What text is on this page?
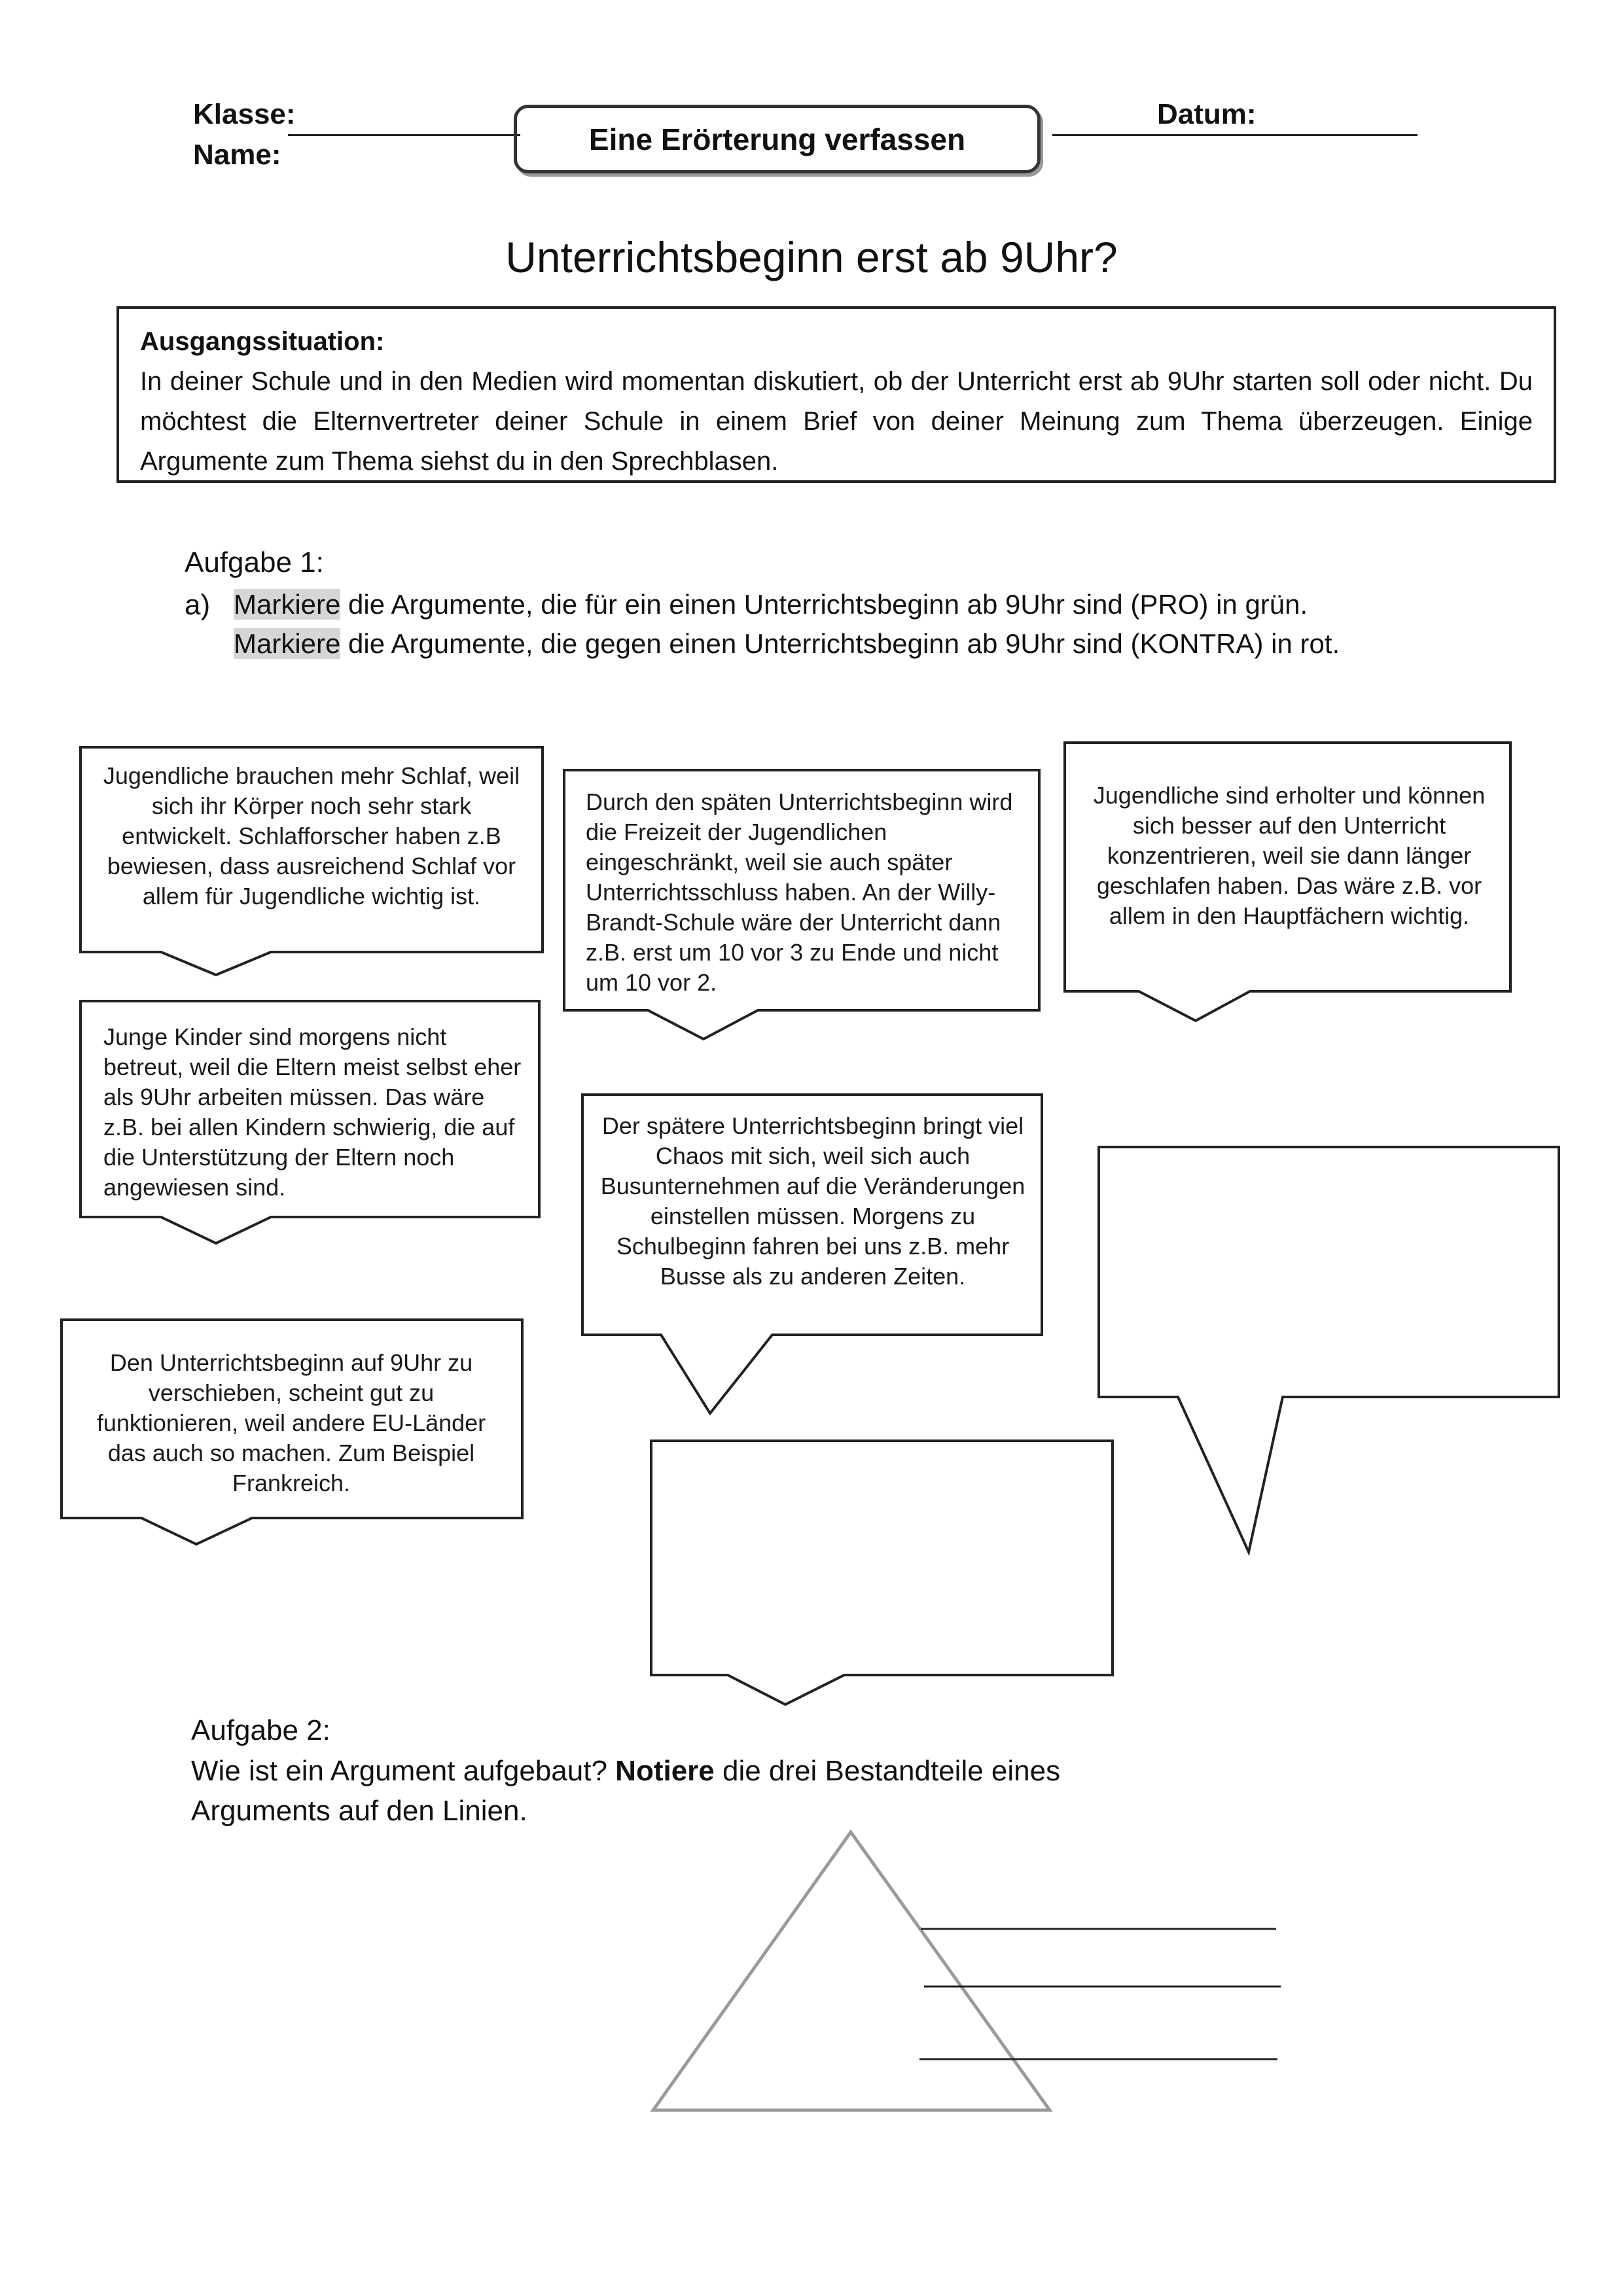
Klasse:
Name:	Eine Erörterung verfassen
Datum:
Unterrichtsbeginn erst ab 9Uhr?
Ausgangssituation:
In deiner Schule und in den Medien wird momentan diskutiert, ob der Unterricht erst ab 9Uhr starten soll oder nicht. Du möchtest die Elternvertreter deiner Schule in einem Brief von deiner Meinung zum Thema überzeugen. Einige Argumente zum Thema siehst du in den Sprechblasen.
Aufgabe 1:
a) Markiere die Argumente, die für ein einen Unterrichtsbeginn ab 9Uhr sind (PRO) in grün.
Markiere die Argumente, die gegen einen Unterrichtsbeginn ab 9Uhr sind (KONTRA) in rot.
Jugendliche brauchen mehr Schlaf, weil sich ihr Körper noch sehr stark entwickelt. Schlafforscher haben z.B bewiesen, dass ausreichend Schlaf vor allem für Jugendliche wichtig ist.
Durch den späten Unterrichtsbeginn wird die Freizeit der Jugendlichen eingeschränkt, weil sie auch später Unterrichtsschluss haben. An der Willy-Brandt-Schule wäre der Unterricht dann z.B. erst um 10 vor 3 zu Ende und nicht um 10 vor 2.
Jugendliche sind erholter und können sich besser auf den Unterricht konzentrieren, weil sie dann länger geschlafen haben. Das wäre z.B. vor allem in den Hauptfächern wichtig.
Junge Kinder sind morgens nicht betreut, weil die Eltern meist selbst eher als 9Uhr arbeiten müssen. Das wäre z.B. bei allen Kindern schwierig, die auf die Unterstützung der Eltern noch angewiesen sind.
Der spätere Unterrichtsbeginn bringt viel Chaos mit sich, weil sich auch Busunternehmen auf die Veränderungen einstellen müssen. Morgens zu Schulbeginn fahren bei uns z.B. mehr Busse als zu anderen Zeiten.
Den Unterrichtsbeginn auf 9Uhr zu verschieben, scheint gut zu funktionieren, weil andere EU-Länder das auch so machen. Zum Beispiel Frankreich.
Aufgabe 2:
Wie ist ein Argument aufgebaut? Notiere die drei Bestandteile eines
Arguments auf den Linien.
